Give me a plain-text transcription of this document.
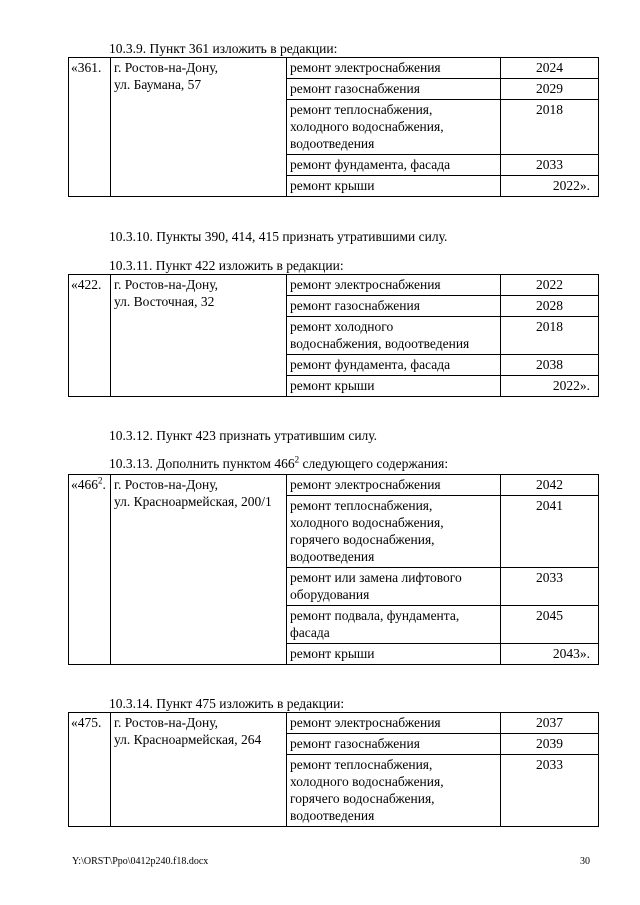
10.3.9. Пункт 361 изложить в редакции:
«361.	г. Ростов-на-Дону,
ул. Баумана, 57	ремонт электроснабжения	2024
		ремонт газоснабжения	2029
		ремонт теплоснабжения,
холодного водоснабжения,
водоотведения	2018
		ремонт фундамента, фасада	2033
		ремонт крыши	2022».
10.3.10. Пункты 390, 414, 415 признать утратившими силу.
10.3.11. Пункт 422 изложить в редакции:
«422.	г. Ростов-на-Дону,
ул. Восточная, 32	ремонт электроснабжения	2022
		ремонт газоснабжения	2028
		ремонт холодного
водоснабжения, водоотведения	2018
		ремонт фундамента, фасада	2038
		ремонт крыши	2022».
10.3.12. Пункт 423 признать утратившим силу.
10.3.13. Дополнить пунктом $466^2$ следующего содержания:
«$466^2$.	г. Ростов-на-Дону,
ул. Красноармейская, 200/1	ремонт электроснабжения	2042
		ремонт теплоснабжения,
холодного водоснабжения,
горячего водоснабжения,
водоотведения	2041
		ремонт или замена лифтового
оборудования	2033
		ремонт подвала, фундамента,
фасада	2045
		ремонт крыши	2043».
10.3.14. Пункт 475 изложить в редакции:
«475.	г. Ростов-на-Дону,
ул. Красноармейская, 264	ремонт электроснабжения	2037
		ремонт газоснабжения	2039
		ремонт теплоснабжения,
холодного водоснабжения,
горячего водоснабжения,
водоотведения	2033
Y:\ORST\Ppo\0412p240.f18.docx	30
